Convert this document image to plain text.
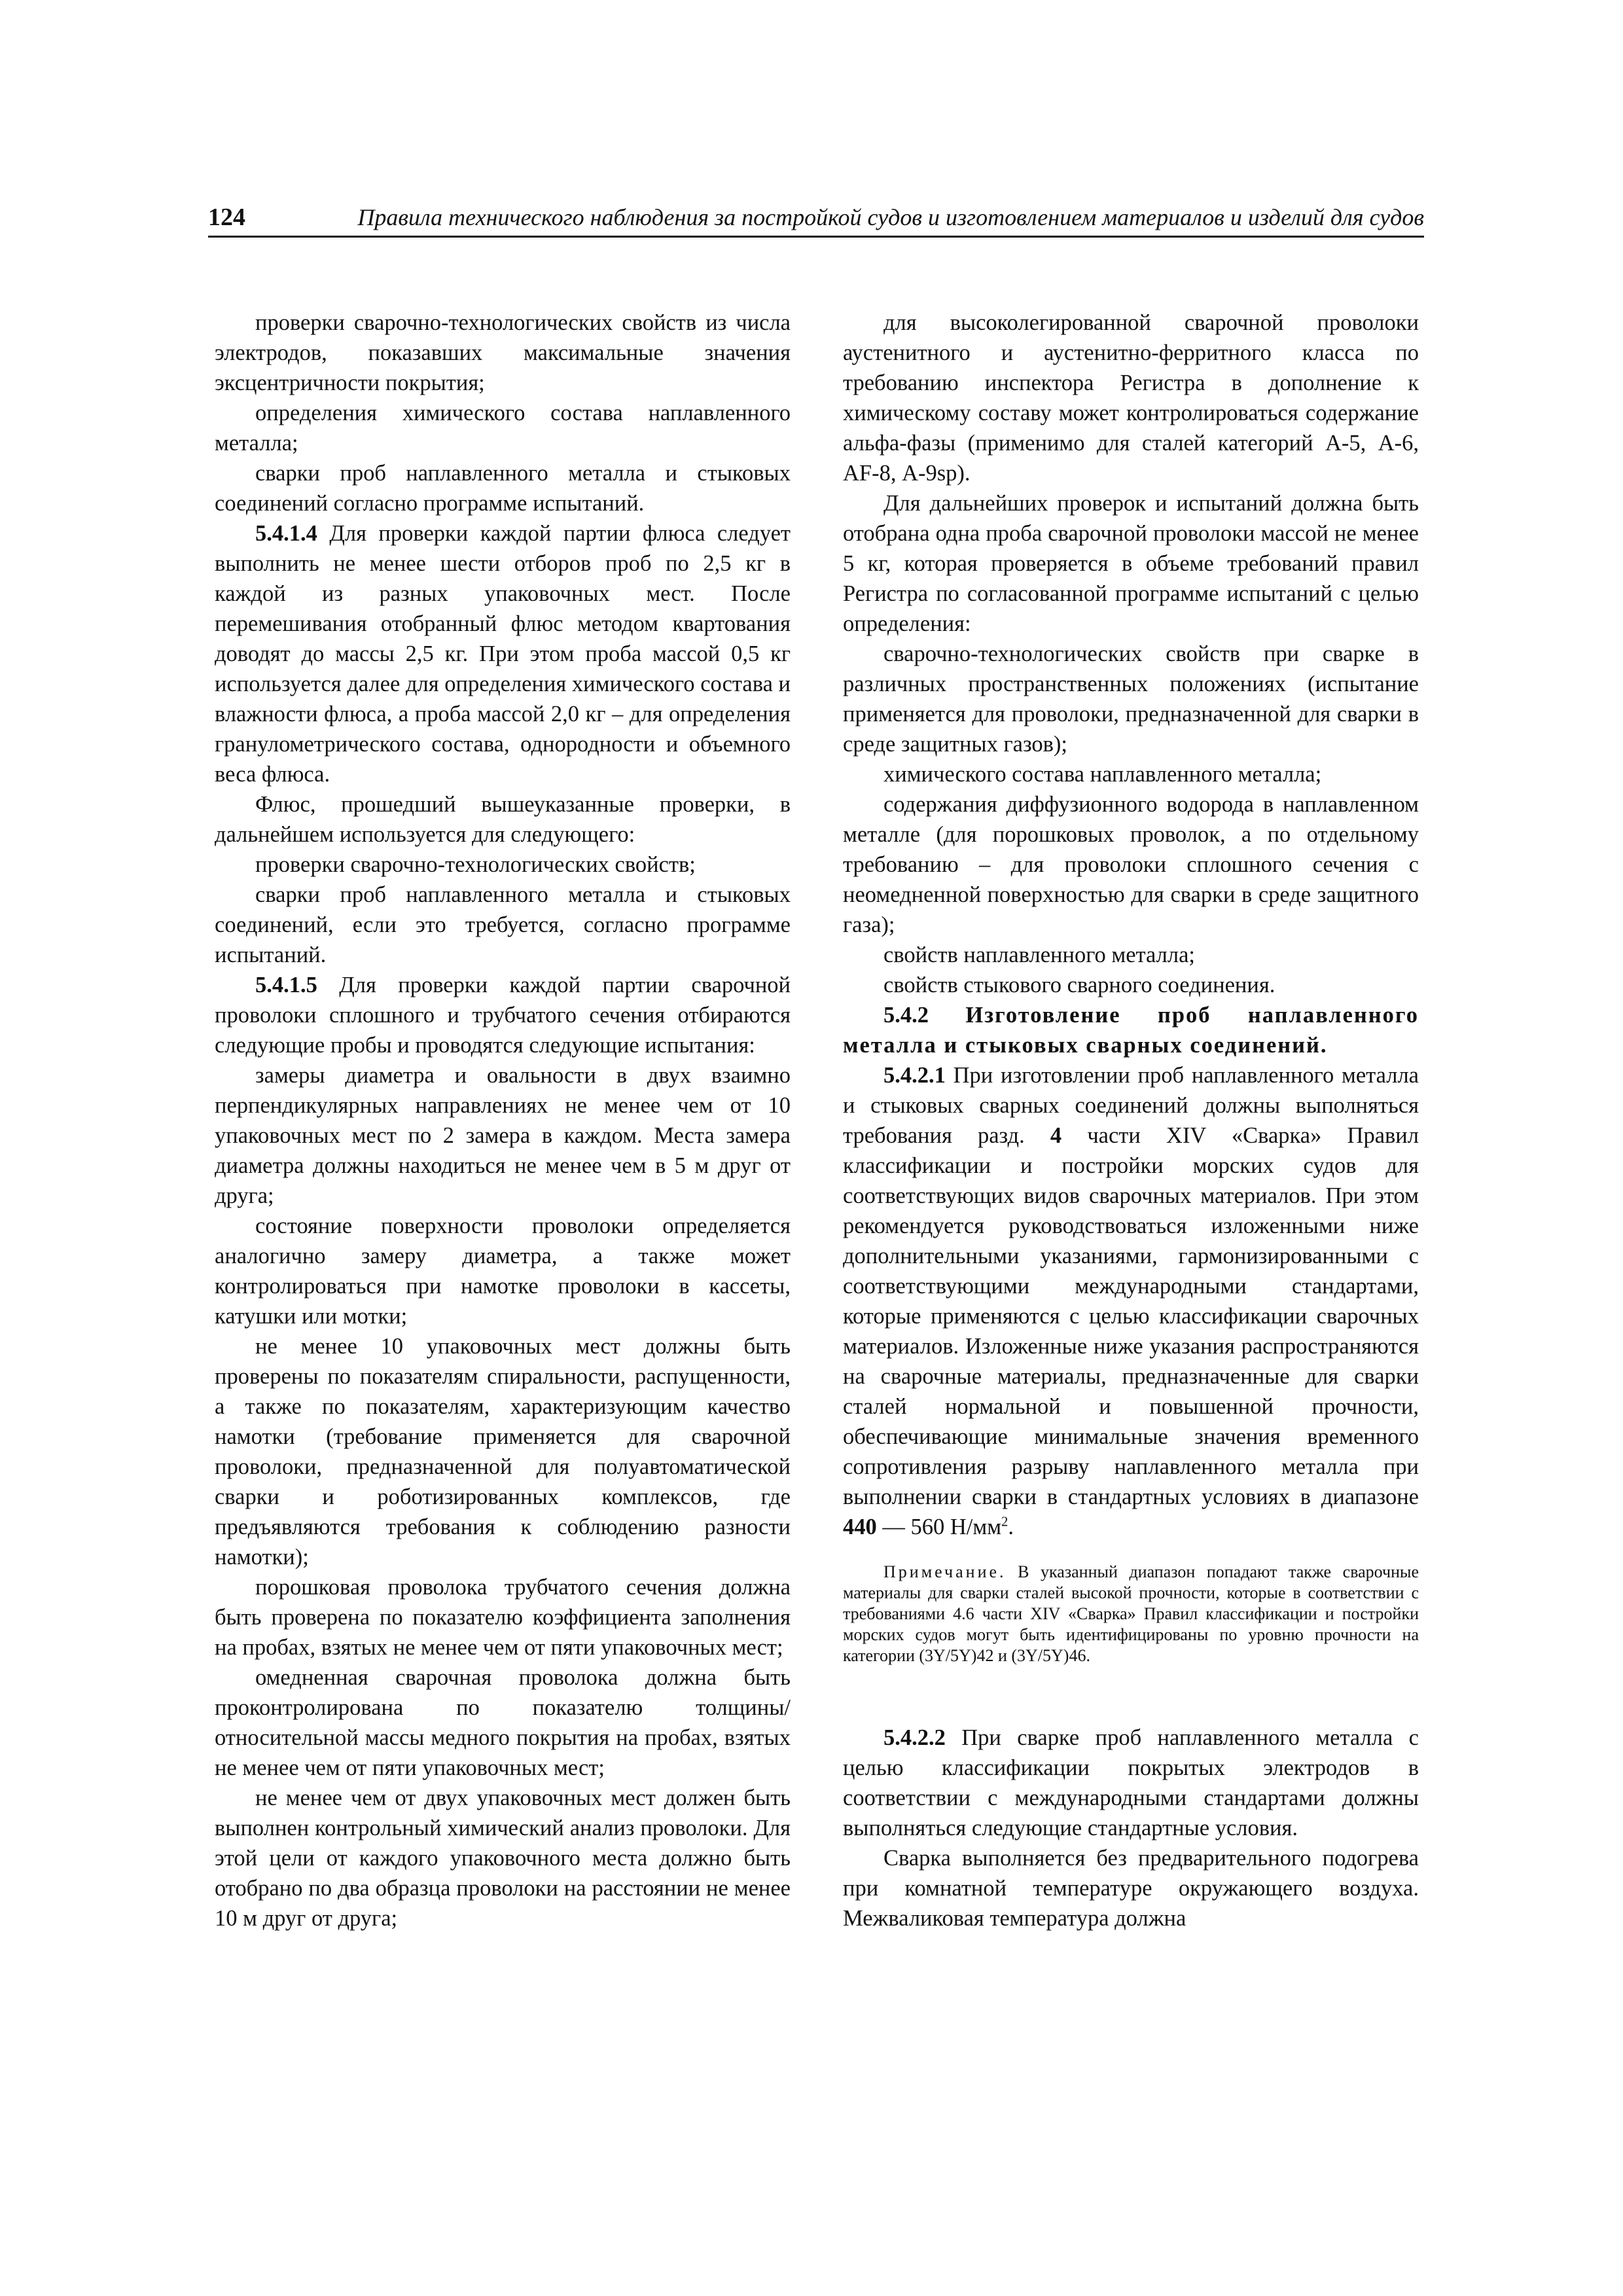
124	Правила технического наблюдения за постройкой судов и изготовлением материалов и изделий для судов

проверки сварочно-технологических свойств из числа электродов, показавших максимальные значения эксцентричности покрытия;

определения химического состава наплавленного металла;

сварки проб наплавленного металла и стыковых соединений согласно программе испытаний.

5.4.1.4 Для проверки каждой партии флюса следует выполнить не менее шести отборов проб по 2,5 кг в каждой из разных упаковочных мест. После перемешивания отобранный флюс методом квартования доводят до массы 2,5 кг. При этом проба массой 0,5 кг используется далее для определения химического состава и влажности флюса, а проба массой 2,0 кг – для определения гранулометрического состава, однородности и объемного веса флюса.

Флюс, прошедший вышеуказанные проверки, в дальнейшем используется для следующего:

проверки сварочно-технологических свойств;

сварки проб наплавленного металла и стыковых соединений, если это требуется, согласно программе испытаний.

5.4.1.5 Для проверки каждой партии сварочной проволоки сплошного и трубчатого сечения отбираются следующие пробы и проводятся следующие испытания:

замеры диаметра и овальности в двух взаимно перпендикулярных направлениях не менее чем от 10 упаковочных мест по 2 замера в каждом. Места замера диаметра должны находиться не менее чем в 5 м друг от друга;

состояние поверхности проволоки определяется аналогично замеру диаметра, а также может контролироваться при намотке проволоки в кассеты, катушки или мотки;

не менее 10 упаковочных мест должны быть проверены по показателям спиральности, распущенности, а также по показателям, характеризующим качество намотки (требование применяется для сварочной проволоки, предназначенной для полуавтоматической сварки и роботизированных комплексов, где предъявляются требования к соблюдению разности намотки);

порошковая проволока трубчатого сечения должна быть проверена по показателю коэффициента заполнения на пробах, взятых не менее чем от пяти упаковочных мест;

омедненная сварочная проволока должна быть проконтролирована по показателю толщины/относительной массы медного покрытия на пробах, взятых не менее чем от пяти упаковочных мест;

не менее чем от двух упаковочных мест должен быть выполнен контрольный химический анализ проволоки. Для этой цели от каждого упаковочного места должно быть отобрано по два образца проволоки на расстоянии не менее 10 м друг от друга;

для высоколегированной сварочной проволоки аустенитного и аустенитно-ферритного класса по требованию инспектора Регистра в дополнение к химическому составу может контролироваться содержание альфа-фазы (применимо для сталей категорий А-5, А-6, АF-8, А-9sp).

Для дальнейших проверок и испытаний должна быть отобрана одна проба сварочной проволоки массой не менее 5 кг, которая проверяется в объеме требований правил Регистра по согласованной программе испытаний с целью определения:

сварочно-технологических свойств при сварке в различных пространственных положениях (испытание применяется для проволоки, предназначенной для сварки в среде защитных газов);

химического состава наплавленного металла;

содержания диффузионного водорода в наплавленном металле (для порошковых проволок, а по отдельному требованию – для проволоки сплошного сечения с неомедненной поверхностью для сварки в среде защитного газа);

свойств наплавленного металла;

свойств стыкового сварного соединения.

5.4.2 Изготовление проб наплавленного металла и стыковых сварных соединений.

5.4.2.1 При изготовлении проб наплавленного металла и стыковых сварных соединений должны выполняться требования разд. 4 части XIV «Сварка» Правил классификации и постройки морских судов для соответствующих видов сварочных материалов. При этом рекомендуется руководствоваться изложенными ниже дополнительными указаниями, гармонизированными с соответствующими международными стандартами, которые применяются с целью классификации сварочных материалов. Изложенные ниже указания распространяются на сварочные материалы, предназначенные для сварки сталей нормальной и повышенной прочности, обеспечивающие минимальные значения временного сопротивления разрыву наплавленного металла при выполнении сварки в стандартных условиях в диапазоне 440 — 560 $Н/мм^2$.

Примечание. В указанный диапазон попадают также сварочные материалы для сварки сталей высокой прочности, которые в соответствии с требованиями 4.6 части XIV «Сварка» Правил классификации и постройки морских судов могут быть идентифицированы по уровню прочности на категории (3Y/5Y)42 и (3Y/5Y)46.

5.4.2.2 При сварке проб наплавленного металла с целью классификации покрытых электродов в соответствии с международными стандартами должны выполняться следующие стандартные условия.

Сварка выполняется без предварительного подогрева при комнатной температуре окружающего воздуха. Межваликовая температура должна
